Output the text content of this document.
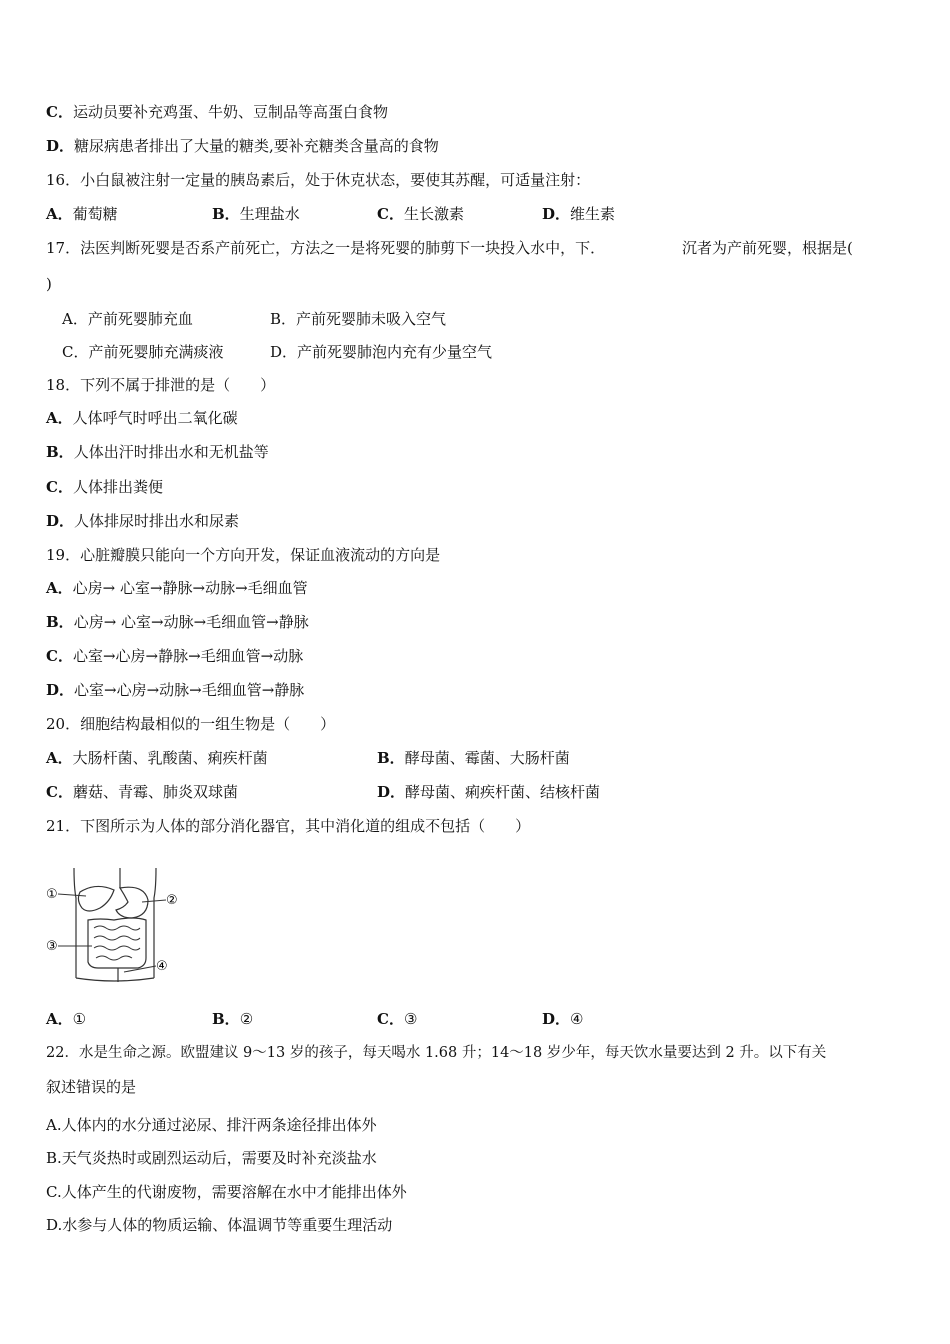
C．运动员要补充鸡蛋、牛奶、豆制品等高蛋白食物
D．糖尿病患者排出了大量的糖类,要补充糖类含量高的食物
16．小白鼠被注射一定量的胰岛素后，处于休克状态，要使其苏醒，可适量注射：
A．葡萄糖	B．生理盐水	C．生长激素	D．维生素
17．法医判断死婴是否系产前死亡，方法之一是将死婴的肺剪下一块投入水中，下．	沉者为产前死婴，根据是(
)
A．产前死婴肺充血	B．产前死婴肺未吸入空气
C．产前死婴肺充满痰液	D．产前死婴肺泡内充有少量空气
18．下列不属于排泄的是（　　）
A．人体呼气时呼出二氧化碳
B．人体出汗时排出水和无机盐等
C．人体排出粪便
D．人体排尿时排出水和尿素
19．心脏瓣膜只能向一个方向开发，保证血液流动的方向是
A．心房→ 心室→静脉→动脉→毛细血管
B．心房→ 心室→动脉→毛细血管→静脉
C．心室→心房→静脉→毛细血管→动脉
D．心室→心房→动脉→毛细血管→静脉
20．细胞结构最相似的一组生物是（　　）
A．大肠杆菌、乳酸菌、痢疾杆菌	B．酵母菌、霉菌、大肠杆菌
C．蘑菇、青霉、肺炎双球菌	D．酵母菌、痢疾杆菌、结核杆菌
21．下图所示为人体的部分消化器官，其中消化道的组成不包括（　　）
①	②
③
④
A．①	B．②	C．③	D．④
22．水是生命之源。欧盟建议 9～13 岁的孩子，每天喝水 1.68 升；14～18 岁少年，每天饮水量要达到 2 升。以下有关
叙述错误的是
A.人体内的水分通过泌尿、排汗两条途径排出体外
B.天气炎热时或剧烈运动后，需要及时补充淡盐水
C.人体产生的代谢废物，需要溶解在水中才能排出体外
D.水参与人体的物质运输、体温调节等重要生理活动
